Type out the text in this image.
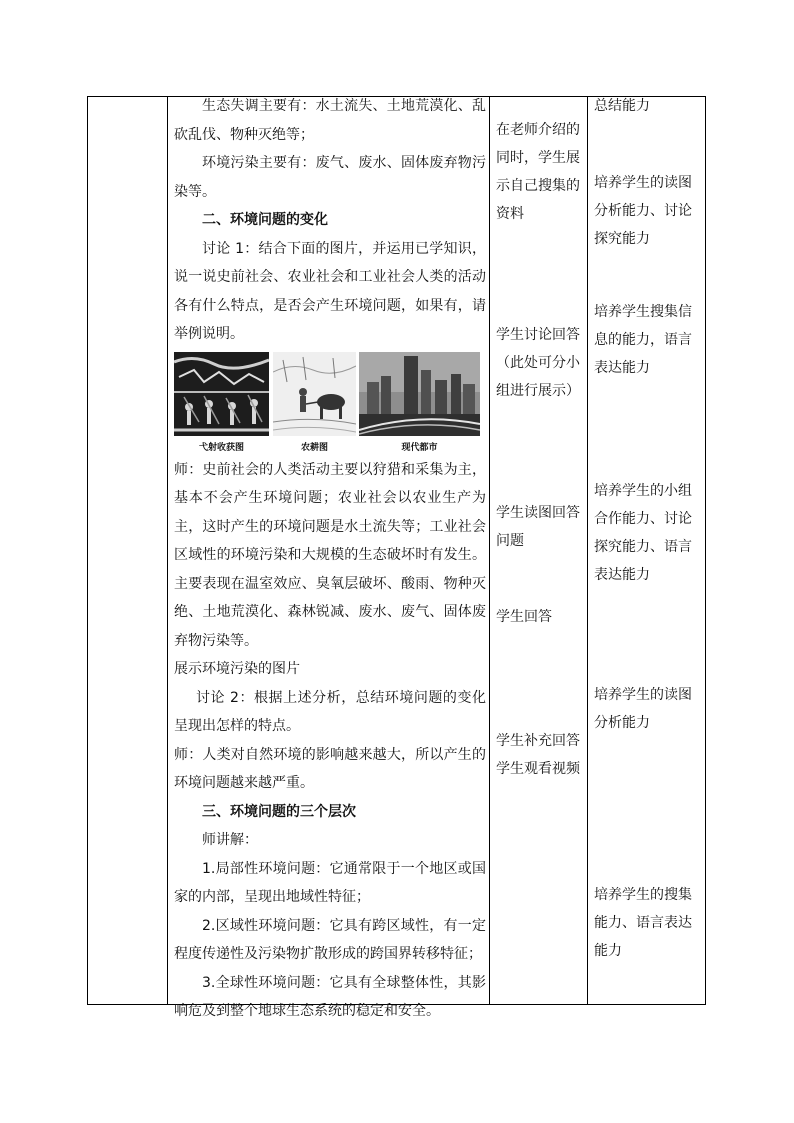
生态失调主要有：水土流失、土地荒漠化、乱砍乱伐、物种灭绝等；

环境污染主要有：废气、废水、固体废弃物污染等。

二、环境问题的变化

讨论 1：结合下面的图片，并运用已学知识，说一说史前社会、农业社会和工业社会人类的活动各有什么特点，是否会产生环境问题，如果有，请举例说明。

弋射收获图	农耕图	现代都市

师：史前社会的人类活动主要以狩猎和采集为主，基本不会产生环境问题；农业社会以农业生产为主，这时产生的环境问题是水土流失等；工业社会区域性的环境污染和大规模的生态破坏时有发生。主要表现在温室效应、臭氧层破坏、酸雨、物种灭绝、土地荒漠化、森林锐减、废水、废气、固体废弃物污染等。

展示环境污染的图片

讨论 2：根据上述分析，总结环境问题的变化呈现出怎样的特点。

师：人类对自然环境的影响越来越大，所以产生的环境问题越来越严重。

三、环境问题的三个层次

师讲解：

1.局部性环境问题：它通常限于一个地区或国家的内部，呈现出地域性特征；

2.区域性环境问题：它具有跨区域性，有一定程度传递性及污染物扩散形成的跨国界转移特征；

3.全球性环境问题：它具有全球整体性，其影响危及到整个地球生态系统的稳定和安全。

在老师介绍的同时，学生展示自己搜集的资料

学生讨论回答（此处可分小组进行展示）

学生读图回答问题

学生回答

学生补充回答

学生观看视频

总结能力

培养学生的读图分析能力、讨论探究能力

培养学生搜集信息的能力，语言表达能力

培养学生的小组合作能力、讨论探究能力、语言表达能力

培养学生的读图分析能力

培养学生的搜集能力、语言表达能力
